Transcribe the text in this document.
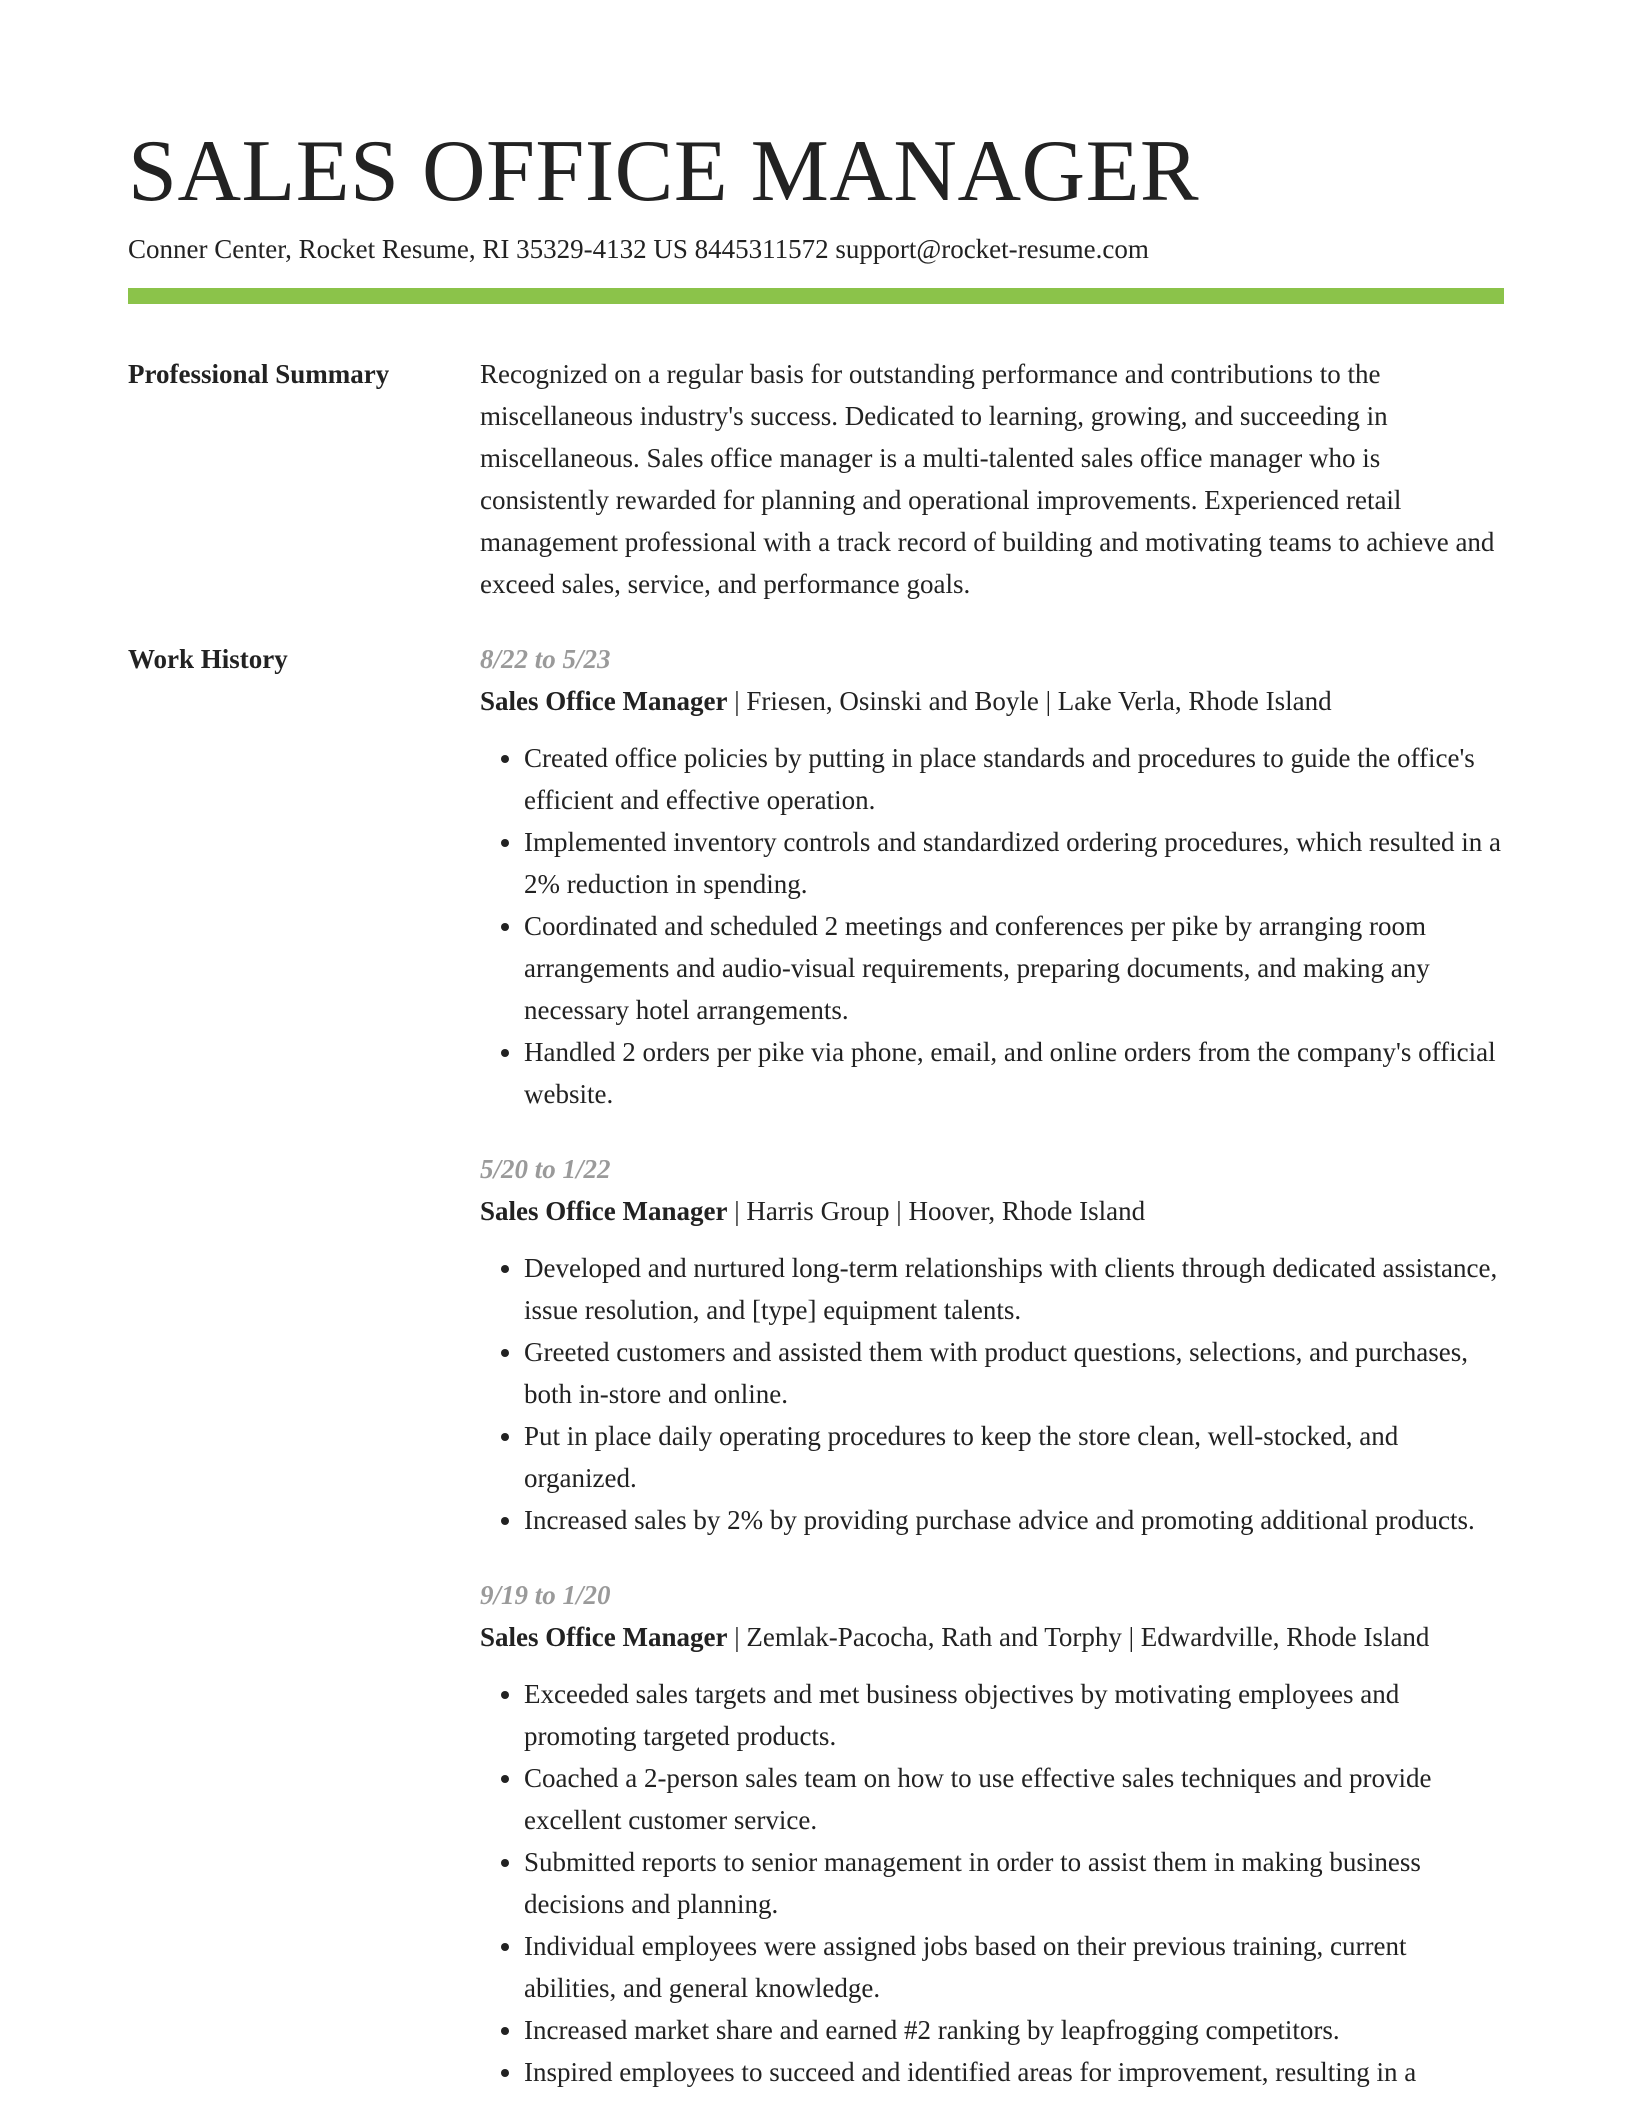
SALES OFFICE MANAGER
Conner Center, Rocket Resume, RI 35329-4132 US 8445311572 support@rocket-resume.com
Professional Summary	Recognized on a regular basis for outstanding performance and contributions to the miscellaneous industry's success. Dedicated to learning, growing, and succeeding in miscellaneous. Sales office manager is a multi-talented sales office manager who is consistently rewarded for planning and operational improvements. Experienced retail management professional with a track record of building and motivating teams to achieve and exceed sales, service, and performance goals.

Work History	8/22 to 5/23
Sales Office Manager | Friesen, Osinski and Boyle | Lake Verla, Rhode Island
• Created office policies by putting in place standards and procedures to guide the office's efficient and effective operation.
• Implemented inventory controls and standardized ordering procedures, which resulted in a 2% reduction in spending.
• Coordinated and scheduled 2 meetings and conferences per pike by arranging room arrangements and audio-visual requirements, preparing documents, and making any necessary hotel arrangements.
• Handled 2 orders per pike via phone, email, and online orders from the company's official website.
5/20 to 1/22
Sales Office Manager | Harris Group | Hoover, Rhode Island
• Developed and nurtured long-term relationships with clients through dedicated assistance, issue resolution, and [type] equipment talents.
• Greeted customers and assisted them with product questions, selections, and purchases, both in-store and online.
• Put in place daily operating procedures to keep the store clean, well-stocked, and organized.
• Increased sales by 2% by providing purchase advice and promoting additional products.
9/19 to 1/20
Sales Office Manager | Zemlak-Pacocha, Rath and Torphy | Edwardville, Rhode Island
• Exceeded sales targets and met business objectives by motivating employees and promoting targeted products.
• Coached a 2-person sales team on how to use effective sales techniques and provide excellent customer service.
• Submitted reports to senior management in order to assist them in making business decisions and planning.
• Individual employees were assigned jobs based on their previous training, current abilities, and general knowledge.
• Increased market share and earned #2 ranking by leapfrogging competitors.
• Inspired employees to succeed and identified areas for improvement, resulting in a
